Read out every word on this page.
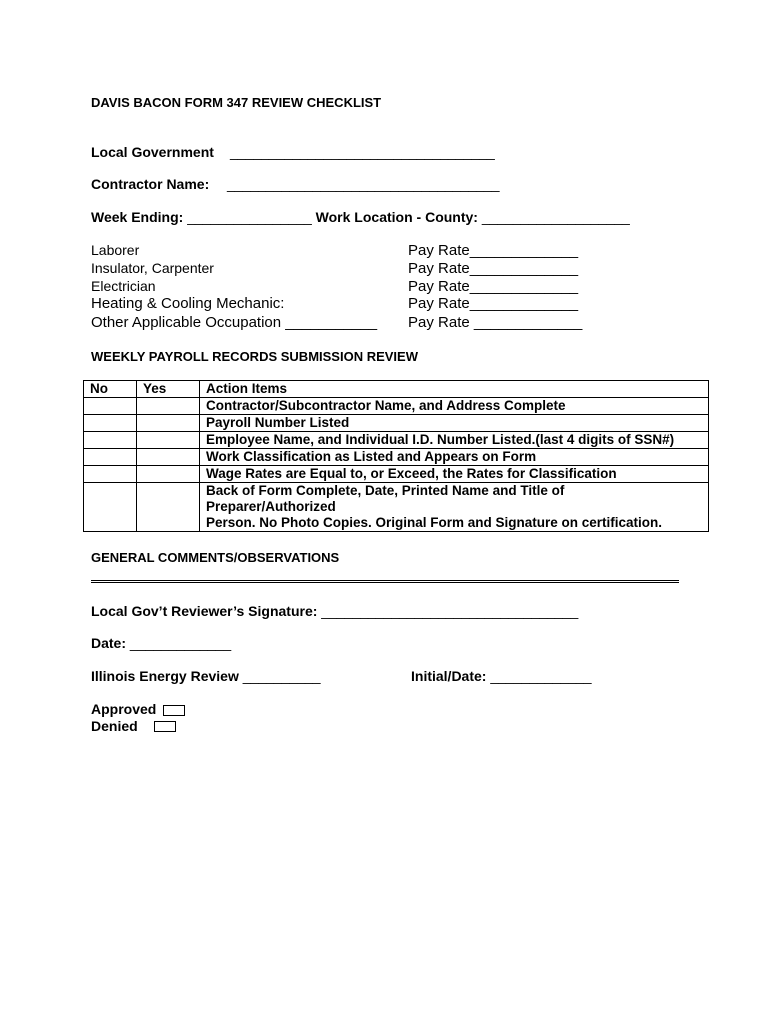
DAVIS BACON FORM 347 REVIEW CHECKLIST
Local Government __________________________________
Contractor Name: ___________________________________
Week Ending: ________________ Work Location - County: ___________________
Laborer	Pay Rate_____________
Insulator, Carpenter	Pay Rate_____________
Electrician	Pay Rate_____________
Heating & Cooling Mechanic:	Pay Rate_____________
Other Applicable Occupation ___________ Pay Rate _____________
WEEKLY PAYROLL RECORDS SUBMISSION REVIEW
No	Yes	Action Items
		Contractor/Subcontractor Name, and Address Complete
		Payroll Number Listed
		Employee Name, and Individual I.D. Number Listed.(last 4 digits of SSN#)
		Work Classification as Listed and Appears on Form
		Wage Rates are Equal to, or Exceed, the Rates for Classification

		Back of Form Complete, Date, Printed Name and Title of
Preparer/Authorized
Person. No Photo Copies. Original Form and Signature on certification.
GENERAL COMMENTS/OBSERVATIONS
Local Gov’t Reviewer’s Signature: _________________________________
Date: _____________
Illinois Energy Review __________	Initial/Date: _____________
Approved
Denied
